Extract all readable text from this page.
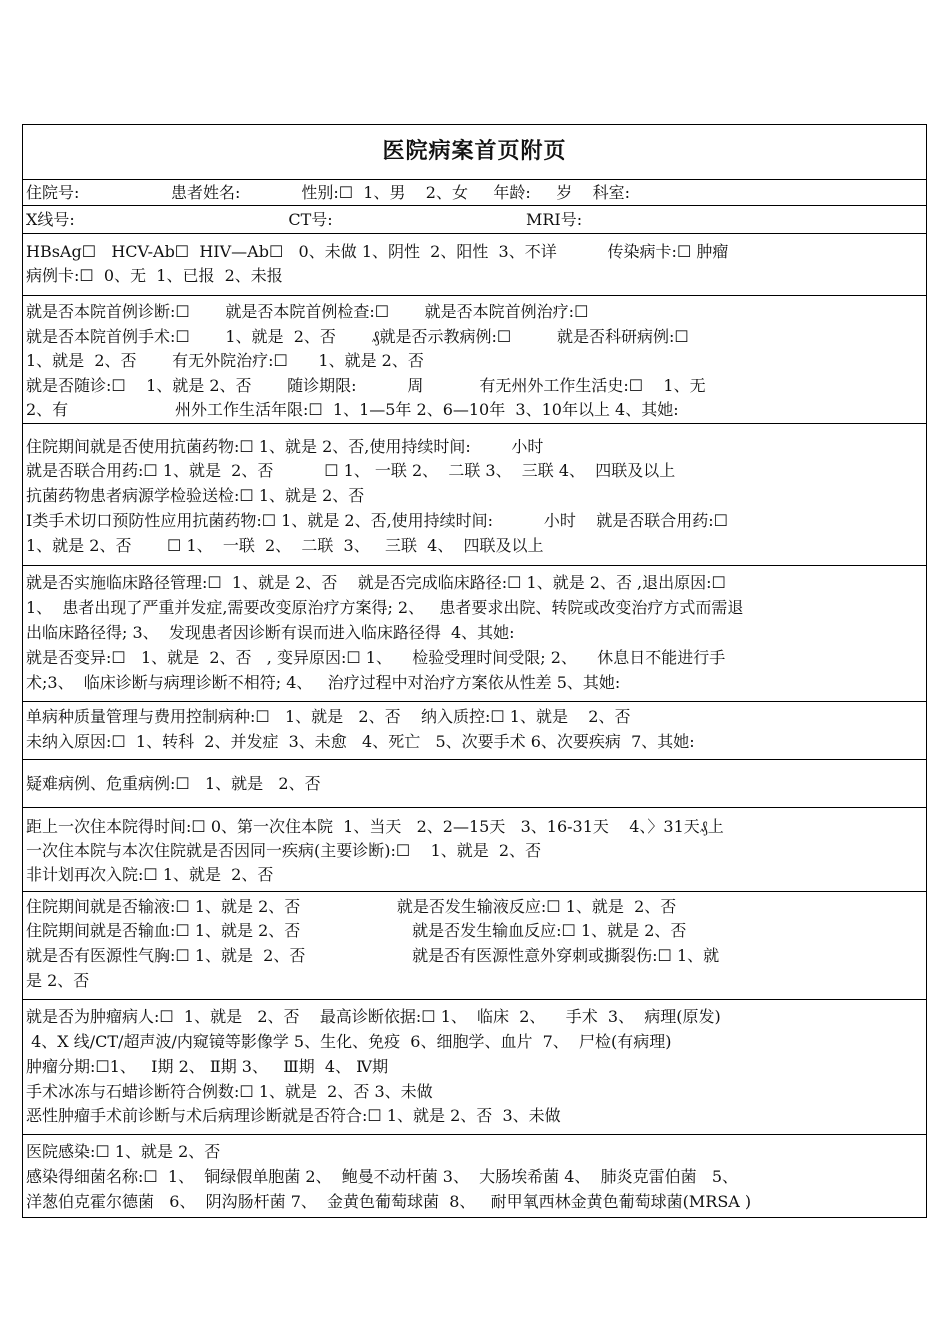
医院病案首页附页
住院号:                  患者姓名:            性别:☐  1、男    2、女     年龄:     岁    科室:
X线号:                                          CT号:                                      MRI号:
HBsAg☐   HCV-Ab☐  HIV—Ab☐   0、未做 1、阴性  2、阳性  3、不详          传染病卡:☐ 肿瘤
病例卡:☐  0、无  1、已报  2、未报
就是否本院首例诊断:☐       就是否本院首例检查:☐       就是否本院首例治疗:☐
就是否本院首例手术:☐       1、就是  2、否       ₰就是否示教病例:☐         就是否科研病例:☐
1、就是  2、否       有无外院治疗:☐      1、就是 2、否
就是否随诊:☐    1、就是 2、否       随诊期限:          周           有无州外工作生活史:☐    1、无
2、有                     州外工作生活年限:☐  1、1—5年 2、6—10年  3、10年以上 4、其她:
住院期间就是否使用抗菌药物:☐ 1、就是 2、否,使用持续时间:        小时
就是否联合用药:☐ 1、就是  2、否          ☐ 1、 一联 2、  二联 3、  三联 4、  四联及以上
抗菌药物患者病源学检验送检:☐ 1、就是 2、否
I类手术切口预防性应用抗菌药物:☐ 1、就是 2、否,使用持续时间:          小时    就是否联合用药:☐
1、就是 2、否       ☐ 1、  一联  2、  二联  3、   三联  4、  四联及以上
就是否实施临床路径管理:☐  1、就是 2、否    就是否完成临床路径:☐ 1、就是 2、否 ,退出原因:☐
1、  患者出现了严重并发症,需要改变原治疗方案得; 2、   患者要求出院、转院或改变治疗方式而需退
出临床路径得; 3、  发现患者因诊断有误而进入临床路径得  4、其她:
就是否变异:☐   1、就是  2、否   , 变异原因:☐ 1、    检验受理时间受限; 2、    休息日不能进行手
术;3、  临床诊断与病理诊断不相符; 4、   治疗过程中对治疗方案依从性差 5、其她:
单病种质量管理与费用控制病种:☐   1、就是   2、否    纳入质控:☐ 1、就是    2、否
未纳入原因:☐  1、转科  2、并发症  3、未愈   4、死亡   5、次要手术 6、次要疾病  7、其她:
疑难病例、危重病例:☐   1、就是   2、否
距上一次住本院得时间:☐ 0、第一次住本院  1、当天   2、2—15天   3、16-31天    4、〉31天₰上
一次住本院与本次住院就是否因同一疾病(主要诊断):☐    1、就是  2、否
非计划再次入院:☐ 1、就是  2、否
住院期间就是否输液:☐ 1、就是 2、否                   就是否发生输液反应:☐ 1、就是  2、否
住院期间就是否输血:☐ 1、就是 2、否                      就是否发生输血反应:☐ 1、就是 2、否
就是否有医源性气胸:☐ 1、就是  2、否                     就是否有医源性意外穿刺或撕裂伤:☐ 1、就
是 2、否
就是否为肿瘤病人:☐  1、就是   2、否    最高诊断依据:☐ 1、  临床  2、    手术  3、  病理(原发)
4、X 线/CT/超声波/内窥镜等影像学 5、生化、免疫  6、细胞学、血片  7、  尸检(有病理)
肿瘤分期:☐1、   Ⅰ期 2、 Ⅱ期 3、   Ⅲ期  4、 Ⅳ期
手术冰冻与石蜡诊断符合例数:☐ 1、就是  2、否 3、未做
恶性肿瘤手术前诊断与术后病理诊断就是否符合:☐ 1、就是 2、否  3、未做
医院感染:☐ 1、就是 2、否
感染得细菌名称:☐  1、  铜绿假单胞菌 2、  鲍曼不动杆菌 3、  大肠埃希菌 4、  肺炎克雷伯菌   5、
洋葱伯克霍尔德菌   6、  阴沟肠杆菌 7、  金黄色葡萄球菌  8、   耐甲氧西林金黄色葡萄球菌(MRSA )
